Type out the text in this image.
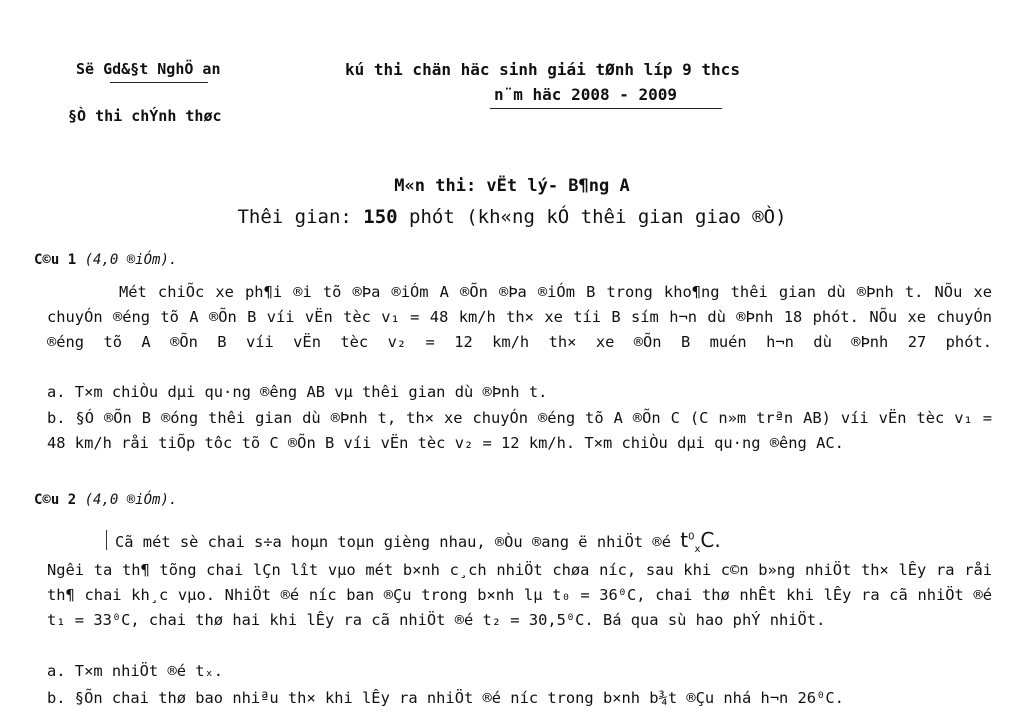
Së Gd&§t NghÖ an
§Ò thi chÝnh thøc
kú thi chän häc sinh giái tØnh líp 9 thcs
n¨m häc 2008 - 2009
M«n thi: vËt lý- B¶ng A
Thêi gian: 150 phót (kh«ng kÓ thêi gian giao ®Ò)
C©u 1 (4,0 ®iÓm).
Mét chiÕc xe ph¶i ®i tõ ®Þa ®iÓm A ®Õn ®Þa ®iÓm B trong kho¶ng thêi gian dù ®Þnh t. NÕu xe chuyÓn ®éng tõ A ®Õn B víi vËn tèc v₁ = 48 km/h th× xe tíi B sím h¬n dù ®Þnh 18 phót. NÕu xe chuyÓn ®éng tõ A ®Õn B víi vËn tèc v₂ = 12 km/h th× xe ®Õn B muén h¬n dù ®Þnh 27 phót.
a. T×m chiÒu dµi qu·ng ®êng AB vµ thêi gian dù ®Þnh t.
b. §Ó ®Õn B ®óng thêi gian dù ®Þnh t, th× xe chuyÓn ®éng tõ A ®Õn C (C n»m trªn AB) víi vËn tèc v₁ = 48 km/h råi tiÕp tôc tõ C ®Õn B víi vËn tèc v₂ = 12 km/h. T×m chiÒu dµi qu·ng ®êng AC.
C©u 2 (4,0 ®iÓm).
Cã mét sè chai s÷a hoµn toµn gièng nhau, ®Òu ®ang ë nhiÖt ®é $t^0_xC$.
Ngêi ta th¶ tõng chai lÇn lît vµo mét b×nh c¸ch nhiÖt chøa níc, sau khi c©n b»ng nhiÖt th× lÊy ra råi th¶ chai kh¸c vµo. NhiÖt ®é níc ban ®Çu trong b×nh lµ t₀ = 36⁰C, chai thø nhÊt khi lÊy ra cã nhiÖt ®é t₁ = 33⁰C, chai thø hai khi lÊy ra cã nhiÖt ®é t₂ = 30,5⁰C. Bá qua sù hao phÝ nhiÖt.
a. T×m nhiÖt ®é tₓ.
b. §Õn chai thø bao nhiªu th× khi lÊy ra nhiÖt ®é níc trong b×nh b¾t ®Çu nhá h¬n 26⁰C.
